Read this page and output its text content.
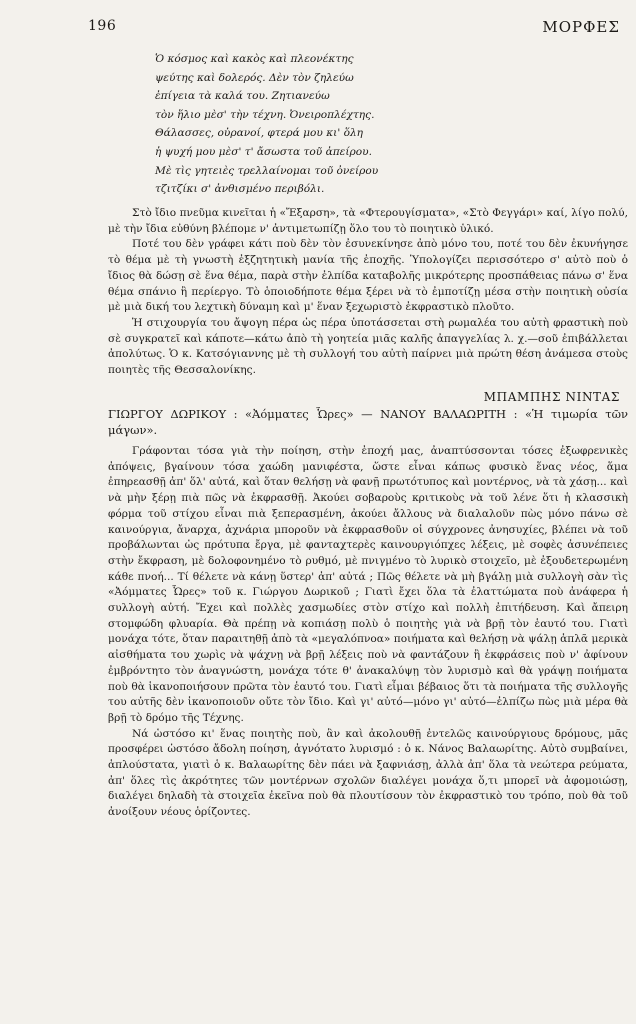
196	ΜΟΡΦΕΣ
Ὁ κόσμος καὶ κακὸς καὶ πλεονέκτης
ψεύτης καὶ δολερός. Δὲν τὸν ζηλεύω
ἐπίγεια τὰ καλά του. Ζητιανεύω
τὸν ἥλιο μὲσ' τὴν τέχνη. Ὀνειροπλέχτης.
Θάλασσες, οὐρανοί, φτερά μου κι' ὅλη
ἡ ψυχή μου μὲσ' τ' ἄσωστα τοῦ ἀπείρου.
Μὲ τὶς γητειὲς τρελλαίνομαι τοῦ ὀνείρου
τζιτζίκι σ' ἀνθισμένο περιβόλι.

Στὸ ἴδιο πνεῦμα κινεῖται ἡ «Ἔξαρση», τὰ «Φτερουγίσματα», «Στὸ Φεγγάρι» καί, λίγο πολύ, μὲ τὴν ἴδια εὐθύνη βλέπομε ν' ἀντιμετωπίζῃ ὅλο του τὸ ποιητικὸ ὑλικό.

Ποτέ του δὲν γράφει κάτι ποὺ δὲν τὸν ἐσυνεκίνησε ἀπὸ μόνο του, ποτέ του δὲν ἐκυνήγησε τὸ θέμα μὲ τὴ γνωστὴ ἐξζητητικὴ μανία τῆς ἐποχῆς. Ὑπολογίζει περισσότερο σ' αὐτὸ ποὺ ὁ ἴδιος θὰ δώσῃ σὲ ἕνα θέμα, παρὰ στὴν ἐλπίδα καταβολῆς μικρότερης προσπάθειας πάνω σ' ἕνα θέμα σπάνιο ἢ περίεργο. Τὸ ὁποιοδήποτε θέμα ξέρει νὰ τὸ ἐμποτίζῃ μέσα στὴν ποιητικὴ οὐσία μὲ μιὰ δική του λεχτικὴ δύναμη καὶ μ' ἕναν ξεχωριστὸ ἐκφραστικὸ πλοῦτο.

Ἡ στιχουργία του ἄψογη πέρα ὡς πέρα ὑποτάσσεται στὴ ρωμαλέα του αὐτὴ φραστικὴ ποὺ σὲ συγκρατεῖ καὶ κάποτε—κάτω ἀπὸ τὴ γοητεία μιᾶς καλῆς ἀπαγγελίας λ. χ.—σοῦ ἐπιβάλλεται ἀπολύτως. Ὁ κ. Κατσόγιαννης μὲ τὴ συλλογή του αὐτὴ παίρνει μιὰ πρώτη θέση ἀνάμεσα στοὺς ποιητὲς τῆς Θεσσαλονίκης.

ΜΠΑΜΠΗΣ ΝΙΝΤΑΣ
ΓΙΩΡΓΟΥ ΔΩΡΙΚΟΥ : «Ἀόμματες Ὧρες» — ΝΑΝΟΥ ΒΑΛΑΩΡΙΤΗ : «Ἡ τιμωρία τῶν μάγων».

Γράφονται τόσα γιὰ τὴν ποίηση, στὴν ἐποχή μας, ἀναπτύσσονται τόσες ἐξωφρενικὲς ἀπόψεις, βγαίνουν τόσα χαώδη μανιφέστα, ὥστε εἶναι κάπως φυσικὸ ἕνας νέος, ἅμα ἐπηρεασθῇ ἀπ' ὅλ' αὐτά, καὶ ὅταν θελήσῃ νὰ φανῇ πρωτότυπος καὶ μοντέρνος, νὰ τὰ χάσῃ... καὶ νὰ μὴν ξέρῃ πιὰ πῶς νὰ ἐκφρασθῇ. Ἀκούει σοβαροὺς κριτικοὺς νὰ τοῦ λένε ὅτι ἡ κλασσικὴ φόρμα τοῦ στίχου εἶναι πιὰ ξεπερασμένη, ἀκούει ἄλλους νὰ διαλαλοῦν πὼς μόνο πάνω σὲ καινούργια, ἄναρχα, ἀχνάρια μποροῦν νὰ ἐκφρασθοῦν οἱ σύγχρονες ἀνησυχίες, βλέπει νὰ τοῦ προβάλωνται ὡς πρότυπα ἔργα, μὲ φανταχτερὲς καινουργιόπχες λέξεις, μὲ σοφὲς ἀσυνέπειες στὴν ἔκφραση, μὲ δολοφονημένο τὸ ρυθμό, μὲ πνιγμένο τὸ λυρικὸ στοιχεῖο, μὲ ἐξουδετερωμένη κάθε πνοή... Τί θέλετε νὰ κάνῃ ὕστερ' ἀπ' αὐτά ; Πῶς θέλετε νὰ μὴ βγάλῃ μιὰ συλλογὴ σὰν τὶς «Ἀόμματες Ὧρες» τοῦ κ. Γιώργου Δωρικοῦ ; Γιατὶ ἔχει ὅλα τὰ ἐλαττώματα ποὺ ἀνάφερα ἡ συλλογὴ αὐτή. Ἔχει καὶ πολλὲς χασμωδίες στὸν στίχο καὶ πολλὴ ἐπιτήδευση. Καὶ ἄπειρη στομφώδη φλυαρία. Θὰ πρέπῃ νὰ κοπιάσῃ πολὺ ὁ ποιητὴς γιὰ νὰ βρῇ τὸν ἑαυτό του. Γιατὶ μονάχα τότε, ὅταν παραιτηθῇ ἀπὸ τὰ «μεγαλόπνοα» ποιήματα καὶ θελήσῃ νὰ ψάλῃ ἁπλᾶ μερικὰ αἰσθήματα του χωρὶς νὰ ψάχνῃ νὰ βρῇ λέξεις ποὺ νὰ φαντάζουν ἢ ἐκφράσεις ποὺ ν' ἀφίνουν ἐμβρόντητο τὸν ἀναγνώστη, μονάχα τότε θ' ἀνακαλύψῃ τὸν λυρισμὸ καὶ θὰ γράψῃ ποιήματα ποὺ θὰ ἱκανοποιήσουν πρῶτα τὸν ἑαυτό του. Γιατὶ εἶμαι βέβαιος ὅτι τὰ ποιήματα τῆς συλλογῆς του αὐτῆς δὲν ἱκανοποιοῦν οὔτε τὸν ἴδιο. Καὶ γι' αὐτό—μόνο γι' αὐτό—ἐλπίζω πὼς μιὰ μέρα θὰ βρῇ τὸ δρόμο τῆς Τέχνης.

Νά ὡστόσο κι' ἕνας ποιητὴς ποὺ, ἂν καὶ ἀκολουθῇ ἐντελῶς καινούργιους δρόμους, μᾶς προσφέρει ὡστόσο ἄδολη ποίηση, ἀγνότατο λυρισμό : ὁ κ. Νάνος Βαλαωρίτης. Αὐτὸ συμβαίνει, ἁπλούστατα, γιατὶ ὁ κ. Βαλαωρίτης δὲν πάει νὰ ξαφνιάσῃ, ἀλλὰ ἀπ' ὅλα τὰ νεώτερα ρεύματα, ἀπ' ὅλες τὶς ἀκρότητες τῶν μοντέρνων σχολῶν διαλέγει μονάχα ὅ,τι μπορεῖ νὰ ἀφομοιώσῃ, διαλέγει δηλαδὴ τὰ στοιχεῖα ἐκεῖνα ποὺ θὰ πλουτίσουν τὸν ἐκφραστικὸ του τρόπο, ποὺ θὰ τοῦ ἀνοίξουν νέους ὁρίζοντες.
